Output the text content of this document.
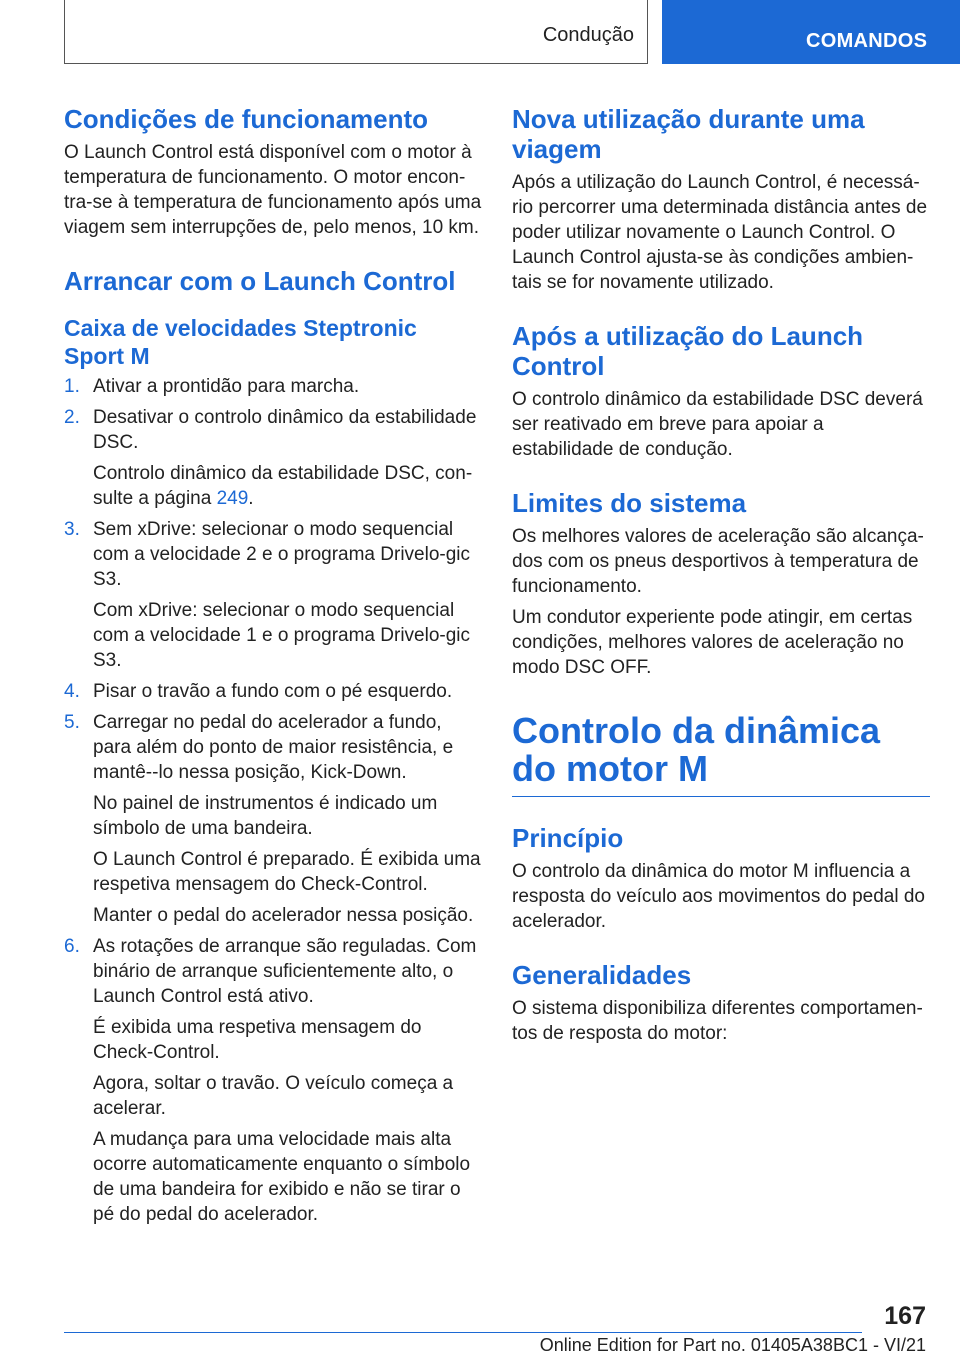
Condução	COMANDOS
Condições de funcionamento

O Launch Control está disponível com o motor à temperatura de funcionamento. O motor encon-tra-se à temperatura de funcionamento após uma viagem sem interrupções de, pelo menos, 10 km.

Arrancar com o Launch Control
Caixa de velocidades Steptronic Sport M
1. Ativar a prontidão para marcha.

2. Desativar o controlo dinâmico da estabilidade DSC.

Controlo dinâmico da estabilidade DSC, con-sulte a página 249.

3. Sem xDrive: selecionar o modo sequencial com a velocidade 2 e o programa Drivelo-gic S3.

Com xDrive: selecionar o modo sequencial com a velocidade 1 e o programa Drivelo-gic S3.

4. Pisar o travão a fundo com o pé esquerdo.

5. Carregar no pedal do acelerador a fundo, para além do ponto de maior resistência, e mantê--lo nessa posição, Kick-Down.

No painel de instrumentos é indicado um símbolo de uma bandeira.

O Launch Control é preparado. É exibida uma respetiva mensagem do Check-Control.

Manter o pedal do acelerador nessa posição.

6. As rotações de arranque são reguladas. Com binário de arranque suficientemente alto, o Launch Control está ativo.

É exibida uma respetiva mensagem do Check-Control.

Agora, soltar o travão. O veículo começa a acelerar.

A mudança para uma velocidade mais alta ocorre automaticamente enquanto o símbolo de uma bandeira for exibido e não se tirar o pé do pedal do acelerador.

Nova utilização durante uma viagem

Após a utilização do Launch Control, é necessá-rio percorrer uma determinada distância antes de poder utilizar novamente o Launch Control. O Launch Control ajusta-se às condições ambien-tais se for novamente utilizado.

Após a utilização do Launch Control

O controlo dinâmico da estabilidade DSC deverá ser reativado em breve para apoiar a estabilidade de condução.

Limites do sistema

Os melhores valores de aceleração são alcança-dos com os pneus desportivos à temperatura de funcionamento.

Um condutor experiente pode atingir, em certas condições, melhores valores de aceleração no modo DSC OFF.

Controlo da dinâmica do motor M
Princípio

O controlo da dinâmica do motor M influencia a resposta do veículo aos movimentos do pedal do acelerador.

Generalidades

O sistema disponibiliza diferentes comportamen-tos de resposta do motor:

167
Online Edition for Part no. 01405A38BC1 - VI/21
